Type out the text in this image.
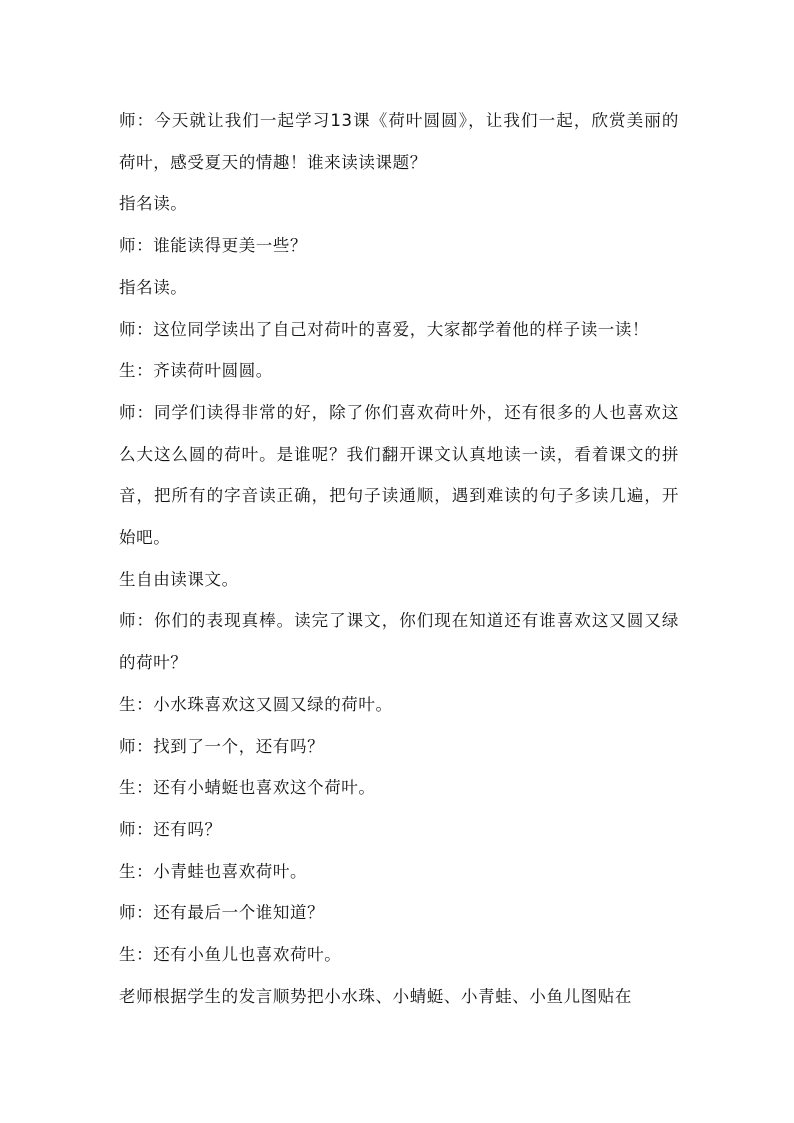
师：今天就让我们一起学习13课《荷叶圆圆》，让我们一起，欣赏美丽的荷叶，感受夏天的情趣！谁来读读课题？

指名读。

师：谁能读得更美一些？

指名读。

师：这位同学读出了自己对荷叶的喜爱，大家都学着他的样子读一读！

生：齐读荷叶圆圆。

师：同学们读得非常的好，除了你们喜欢荷叶外，还有很多的人也喜欢这么大这么圆的荷叶。是谁呢？我们翻开课文认真地读一读，看着课文的拼音，把所有的字音读正确，把句子读通顺，遇到难读的句子多读几遍，开始吧。

生自由读课文。

师：你们的表现真棒。读完了课文，你们现在知道还有谁喜欢这又圆又绿的荷叶？

生：小水珠喜欢这又圆又绿的荷叶。

师：找到了一个，还有吗？

生：还有小蜻蜓也喜欢这个荷叶。

师：还有吗？

生：小青蛙也喜欢荷叶。

师：还有最后一个谁知道？

生：还有小鱼儿也喜欢荷叶。

老师根据学生的发言顺势把小水珠、小蜻蜓、小青蛙、小鱼儿图贴在
